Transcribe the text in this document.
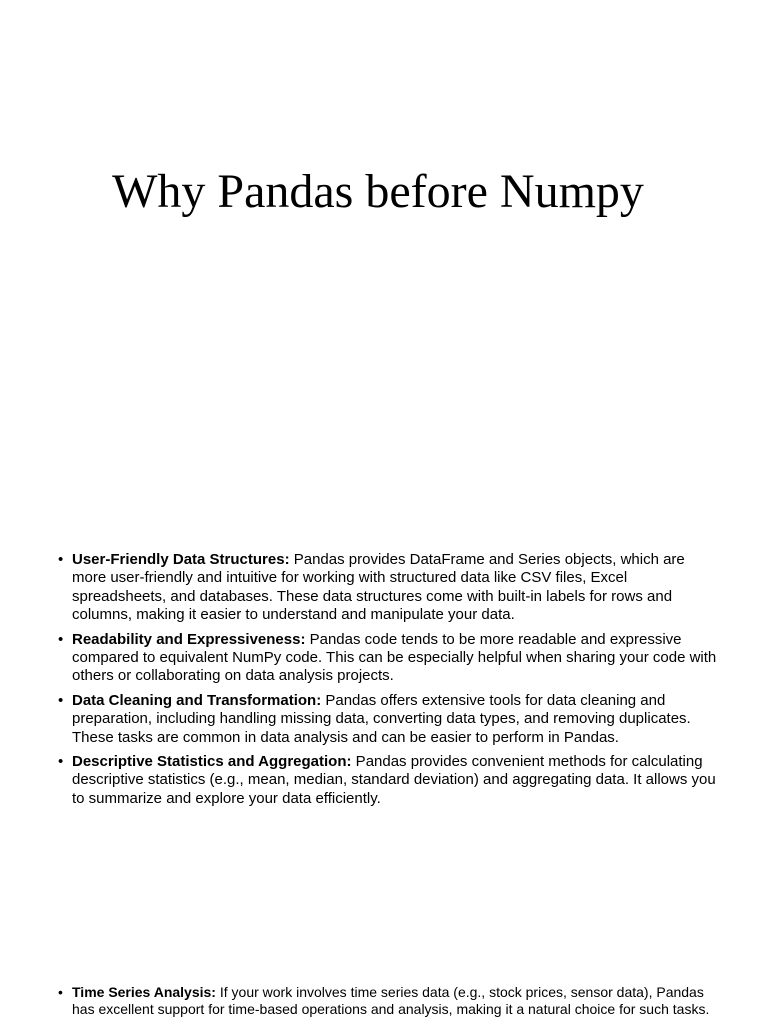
Why Pandas before Numpy
• User-Friendly Data Structures: Pandas provides DataFrame and Series objects, which are more user-friendly and intuitive for working with structured data like CSV files, Excel spreadsheets, and databases. These data structures come with built-in labels for rows and columns, making it easier to understand and manipulate your data.
• Readability and Expressiveness: Pandas code tends to be more readable and expressive compared to equivalent NumPy code. This can be especially helpful when sharing your code with others or collaborating on data analysis projects.
• Data Cleaning and Transformation: Pandas offers extensive tools for data cleaning and preparation, including handling missing data, converting data types, and removing duplicates. These tasks are common in data analysis and can be easier to perform in Pandas.
• Descriptive Statistics and Aggregation: Pandas provides convenient methods for calculating descriptive statistics (e.g., mean, median, standard deviation) and aggregating data. It allows you to summarize and explore your data efficiently.
• Time Series Analysis: If your work involves time series data (e.g., stock prices, sensor data), Pandas has excellent support for time-based operations and analysis, making it a natural choice for such tasks.
